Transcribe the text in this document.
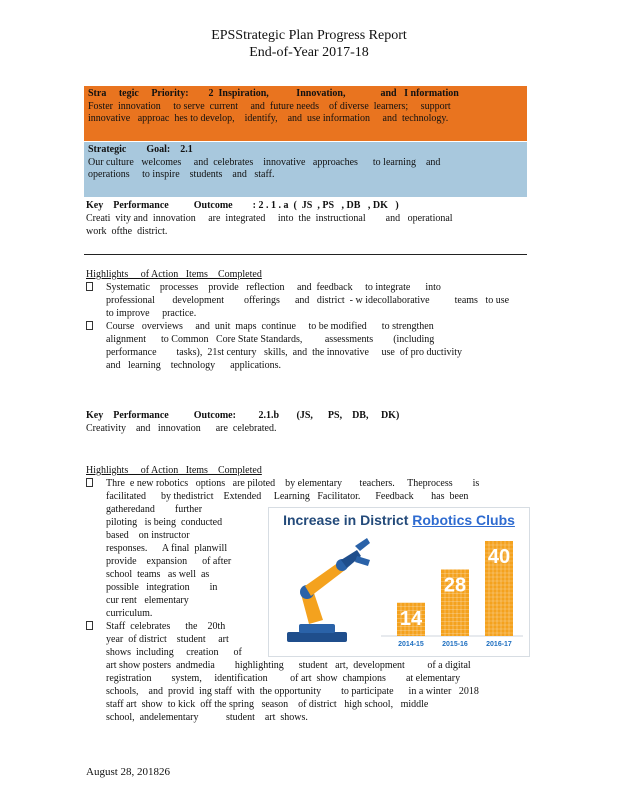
EPSStrategic Plan Progress Report
End-of-Year 2017-18
Stra     tegic     Priority:        2  Inspiration,           Innovation,              and   I nformation
Foster  innovation     to serve  current     and  future needs    of diverse  learners;     support
innovative   approac  hes to develop,    identify,    and  use information     and  technology.
Strategic        Goal:    2.1
Our culture   welcomes     and  celebrates    innovative   approaches      to learning    and
operations     to inspire    students    and   staff.
Key    Performance          Outcome        : 2 . 1 . a  (  JS  , PS   , DB   , DK   )
Creati  vity and  innovation     are  integrated     into  the  instructional        and   operational
work  ofthe  district.
Highlights     of Action   Items    Completed
Systematic    processes    provide   reflection     and  feedback     to integrate      into
professional       development        offerings      and   district  - w idecollaborative          teams   to use
to improve     practice.
Course   overviews     and  unit  maps  continue     to be modified      to strengthen
alignment      to Common   Core State Standards,         assessments        (including
performance        tasks),  21st century   skills,  and  the innovative     use  of pro ductivity
and   learning    technology      applications.
Key    Performance          Outcome:         2.1.b       (JS,      PS,    DB,     DK)
Creativity    and   innovation      are  celebrated.
Highlights     of Action   Items    Completed
Thre  e new robotics   options   are piloted    by elementary       teachers.     Theprocess        is
facilitated      by thedistrict    Extended     Learning   Facilitator.      Feedback       has  been
gatheredand        further
piloting   is being  conducted
based    on instructor
responses.      A final  planwill
provide    expansion      of after
school  teams   as well  as
possible   integration        in
cur rent   elementary
curriculum.
Staff  celebrates      the    20th
year  of district    student     art
shows  including     creation      of
art show posters  andmedia        highlighting      student   art,  development         of a digital
registration        system,     identification         of art  show  champions        at elementary
schools,    and  provid  ing staff  with  the opportunity        to participate      in a winter   2018
staff art  show  to kick  off the spring   season    of district   high school,   middle
school,  andelementary           student    art  shows.
Increase in District Robotics Clubs
14
2014-15
28
2015-16
40
2016-17
August 28, 201826
